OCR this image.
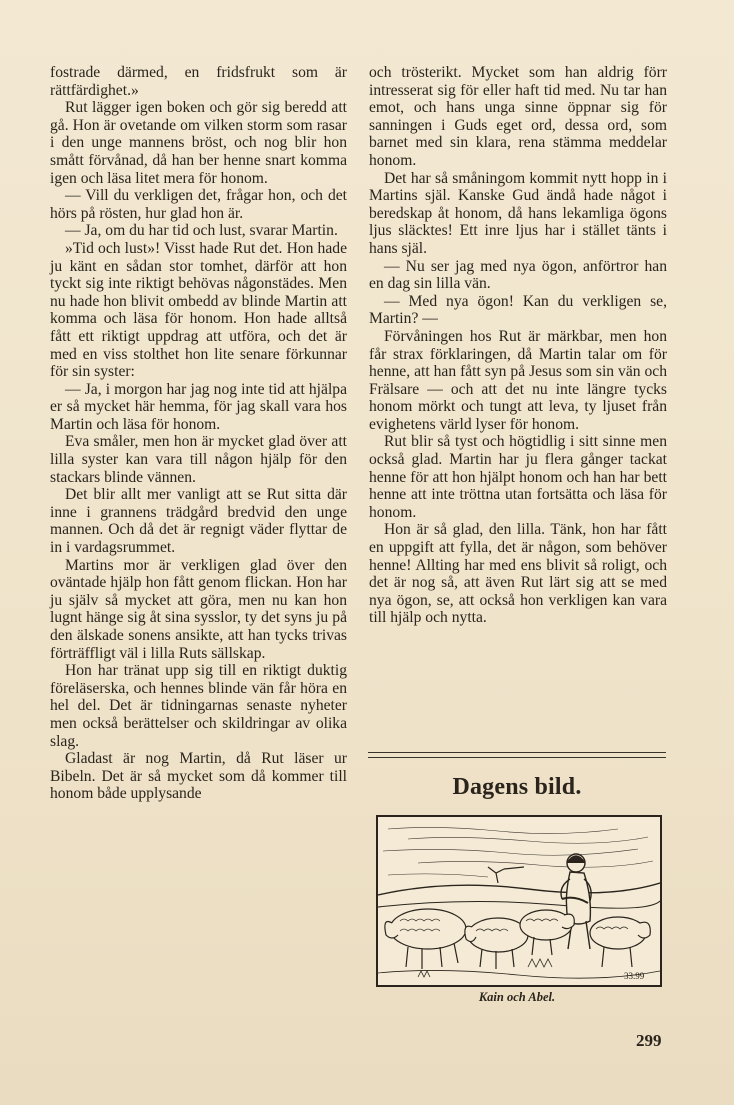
fostrade därmed, en fridsfrukt som är rättfärdighet.»

Rut lägger igen boken och gör sig beredd att gå. Hon är ovetande om vilken storm som rasar i den unge mannens bröst, och nog blir hon smått förvånad, då han ber henne snart komma igen och läsa litet mera för honom.

— Vill du verkligen det, frågar hon, och det hörs på rösten, hur glad hon är.

— Ja, om du har tid och lust, svarar Martin.

»Tid och lust»! Visst hade Rut det. Hon hade ju känt en sådan stor tomhet, därför att hon tyckt sig inte riktigt behövas någonstädes. Men nu hade hon blivit ombedd av blinde Martin att komma och läsa för honom. Hon hade alltså fått ett riktigt uppdrag att utföra, och det är med en viss stolthet hon lite senare förkunnar för sin syster:

— Ja, i morgon har jag nog inte tid att hjälpa er så mycket här hemma, för jag skall vara hos Martin och läsa för honom.

Eva småler, men hon är mycket glad över att lilla syster kan vara till någon hjälp för den stackars blinde vännen.

Det blir allt mer vanligt att se Rut sitta där inne i grannens trädgård bredvid den unge mannen. Och då det är regnigt väder flyttar de in i vardagsrummet.

Martins mor är verkligen glad över den oväntade hjälp hon fått genom flickan. Hon har ju själv så mycket att göra, men nu kan hon lugnt hänge sig åt sina sysslor, ty det syns ju på den älskade sonens ansikte, att han tycks trivas förträffligt väl i lilla Ruts sällskap.

Hon har tränat upp sig till en riktigt duktig föreläserska, och hennes blinde vän får höra en hel del. Det är tidningarnas senaste nyheter men också berättelser och skildringar av olika slag.

Gladast är nog Martin, då Rut läser ur Bibeln. Det är så mycket som då kommer till honom både upplysande

och trösterikt. Mycket som han aldrig förr intresserat sig för eller haft tid med. Nu tar han emot, och hans unga sinne öppnar sig för sanningen i Guds eget ord, dessa ord, som barnet med sin klara, rena stämma meddelar honom.

Det har så småningom kommit nytt hopp in i Martins själ. Kanske Gud ändå hade något i beredskap åt honom, då hans lekamliga ögons ljus släcktes! Ett inre ljus har i stället tänts i hans själ.

— Nu ser jag med nya ögon, anförtror han en dag sin lilla vän.

— Med nya ögon! Kan du verkligen se, Martin? —

Förvåningen hos Rut är märkbar, men hon får strax förklaringen, då Martin talar om för henne, att han fått syn på Jesus som sin vän och Frälsare — och att det nu inte längre tycks honom mörkt och tungt att leva, ty ljuset från evighetens värld lyser för honom.

Rut blir så tyst och högtidlig i sitt sinne men också glad. Martin har ju flera gånger tackat henne för att hon hjälpt honom och han har bett henne att inte tröttna utan fortsätta och läsa för honom.

Hon är så glad, den lilla. Tänk, hon har fått en uppgift att fylla, det är någon, som behöver henne! Allting har med ens blivit så roligt, och det är nog så, att även Rut lärt sig att se med nya ögon, se, att också hon verkligen kan vara till hjälp och nytta.

Dagens bild.
33.99
Kain och Abel.
299
